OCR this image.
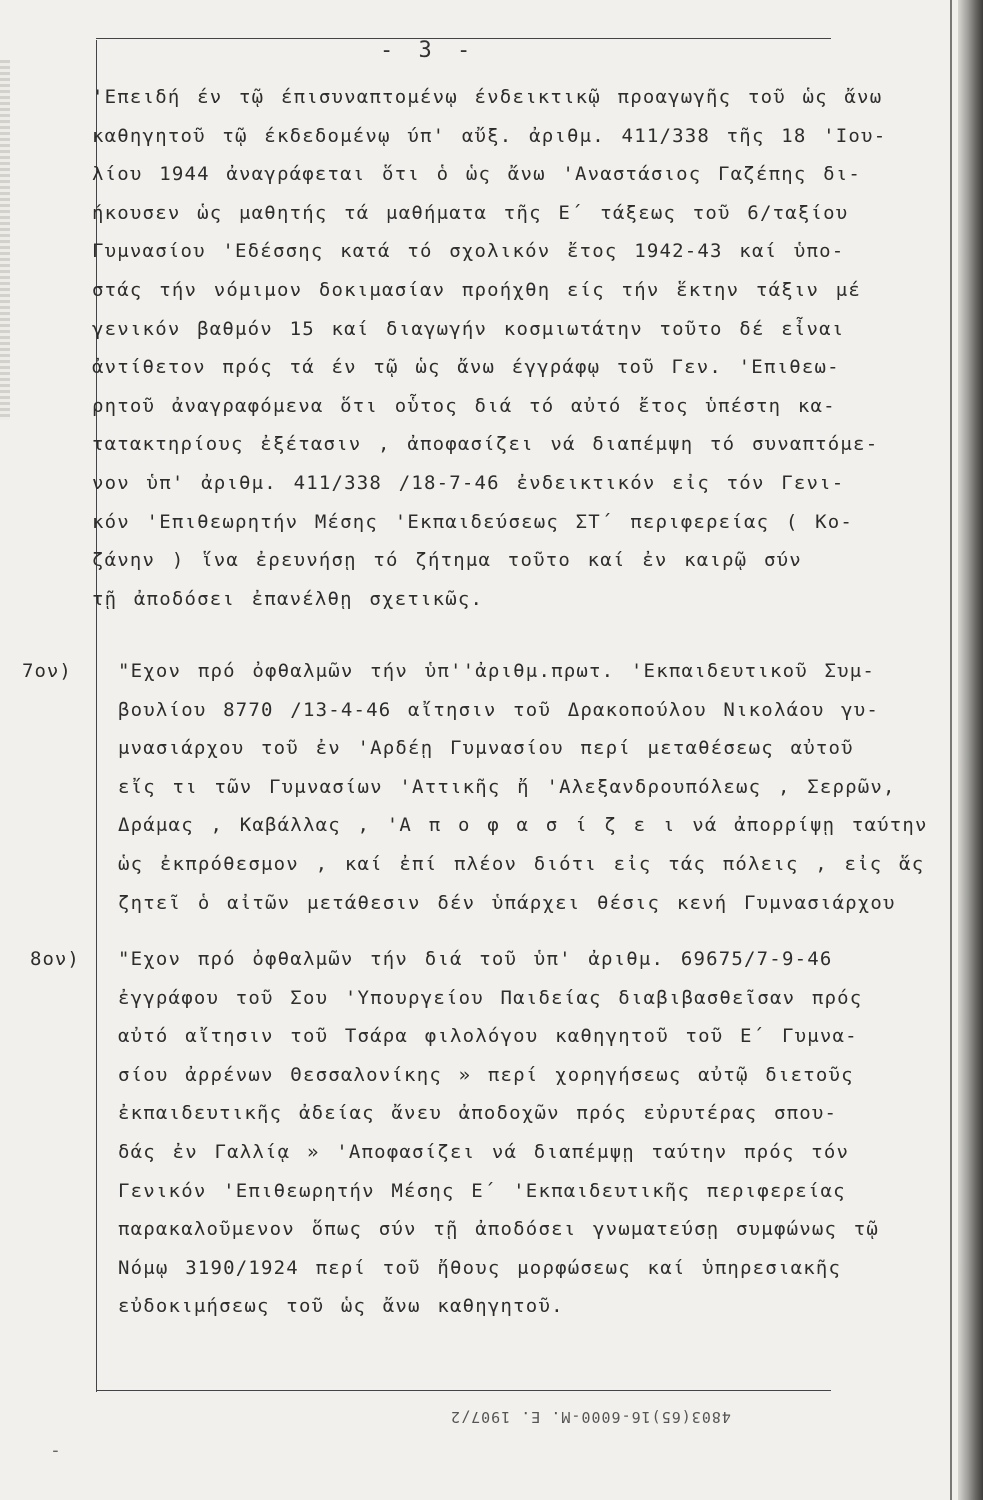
- 3 -
'Επειδή έν τῷ έπισυναπτομένῳ ένδεικτικῷ προαγωγῆς τοῦ ὡς ἄνω
καθηγητοῦ τῷ έκδεδομένῳ ύπ' αὔξ. ἀριθμ. 411/338 τῆς 18 'Ιου-
λίου 1944 ἀναγράφεται ὅτι ὁ ὡς ἄνω 'Αναστάσιος Γαζέπης δι-
ήκουσεν ὡς μαθητής τά μαθήματα τῆς Ε΄ τάξεως τοῦ 6/ταξίου
Γυμνασίου 'Εδέσσης κατά τό σχολικόν ἔτος 1942-43 καί ὑπο-
στάς τήν νόμιμον δοκιμασίαν προήχθη είς τήν ἕκτην τάξιν μέ
γενικόν βαθμόν 15 καί διαγωγήν κοσμιωτάτην τοῦτο δέ εἶναι
ἀντίθετον πρός τά έν τῷ ὡς ἄνω έγγράφῳ τοῦ Γεν. 'Επιθεω-
ρητοῦ ἀναγραφόμενα ὅτι οὗτος διά τό αὐτό ἔτος ὑπέστη κα-
τατακτηρίους ἐξέτασιν , ἀποφασίζει νά διαπέμψη τό συναπτόμε-
νον ὑπ' ἀριθμ. 411/338 /18-7-46 ἐνδεικτικόν εἰς τόν Γενι-
κόν 'Επιθεωρητήν Μέσης 'Εκπαιδεύσεως ΣΤ΄ περιφερείας ( Κο-
ζάνην ) ἵνα ἐρευνήσῃ τό ζήτημα τοῦτο καί ἐν καιρῷ σύν
τῇ ἀποδόσει ἐπανέλθῃ σχετικῶς.
7ον) "Εχον πρό ὀφθαλμῶν τήν ὑπ''ἀριθμ.πρωτ. 'Εκπαιδευτικοῦ Συμ-
βουλίου 8770 /13-4-46 αἴτησιν τοῦ Δρακοπούλου Νικολάου γυ-
μνασιάρχου τοῦ ἐν 'Αρδέῃ Γυμνασίου περί μεταθέσεως αὐτοῦ
εἴς τι τῶν Γυμνασίων 'Αττικῆς ἤ 'Αλεξανδρουπόλεως , Σερρῶν,
Δράμας , Καβάλλας , 'Α π ο φ α σ ί ζ ε ι νά ἀπορρίψῃ ταύτην
ὡς ἐκπρόθεσμον , καί ἐπί πλέον διότι εἰς τάς πόλεις , εἰς ἅς
ζητεῖ ὁ αἰτῶν μετάθεσιν δέν ὑπάρχει θέσις κενή Γυμνασιάρχου
8ον) "Εχον πρό ὀφθαλμῶν τήν διά τοῦ ὑπ' ἀριθμ. 69675/7-9-46
ἐγγράφου τοῦ Σου 'Υπουργείου Παιδείας διαβιβασθεῖσαν πρός
αὐτό αἴτησιν τοῦ Τσάρα φιλολόγου καθηγητοῦ τοῦ Ε΄ Γυμνα-
σίου ἀρρένων Θεσσαλονίκης » περί χορηγήσεως αὐτῷ διετοῦς
ἐκπαιδευτικῆς ἀδείας ἄνευ ἀποδοχῶν πρός εὐρυτέρας σπου-
δάς ἐν Γαλλίᾳ » 'Αποφασίζει νά διαπέμψῃ ταύτην πρός τόν
Γενικόν 'Επιθεωρητήν Μέσης Ε΄ 'Εκπαιδευτικῆς περιφερείας
παρακαλοῦμενον ὅπως σύν τῇ ἀποδόσει γνωματεύσῃ συμφώνως τῷ
Νόμῳ 3190/1924 περί τοῦ ἤθους μορφώσεως καί ὑπηρεσιακῆς
εὐδοκιμήσεως τοῦ ὡς ἄνω καθηγητοῦ.
4803(65)16-6000-Μ. Ε. 1907/2
-
